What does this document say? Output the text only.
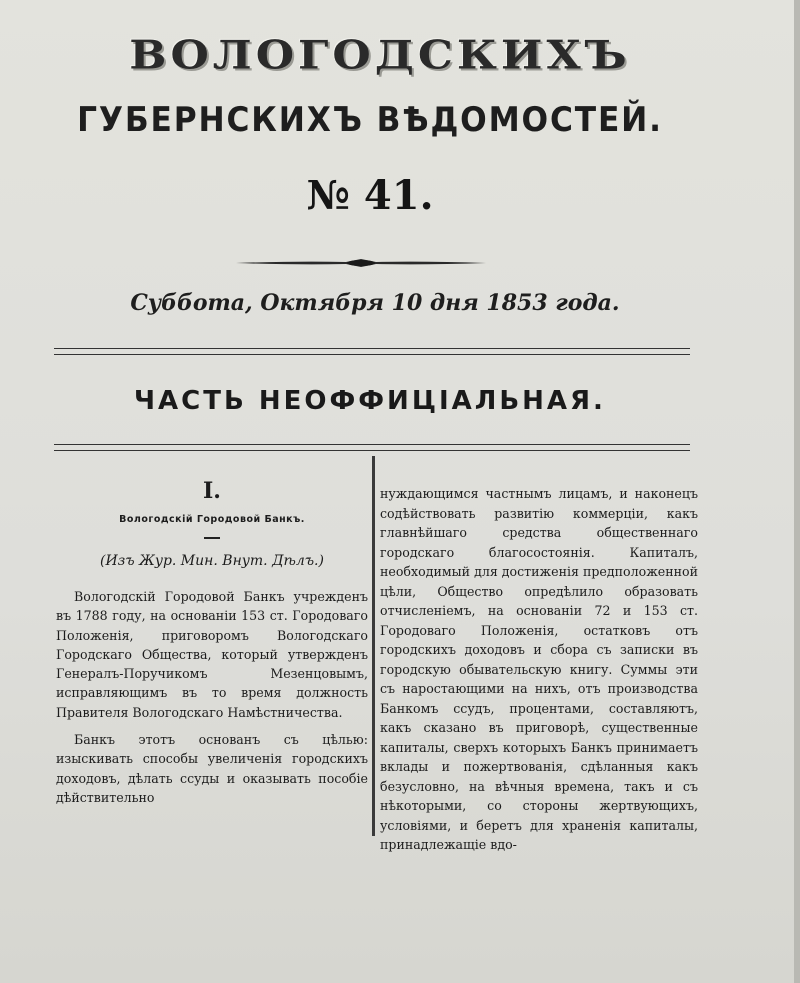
ВОЛОГОДСКИХЪ
ГУБЕРНСКИХЪ ВѢДОМОСТЕЙ.
№ 41.
Суббота, Октября 10 дня 1853 года.
ЧАСТЬ НЕОФФИЦІАЛЬНАЯ.
I.
Вологодскій Городовой Банкъ.
(Изъ Жур. Мин. Внут. Дѣлъ.)

Вологодскій Городовой Банкъ учрежденъ въ 1788 году, на основаніи 153 ст. Городоваго Положенія, приговоромъ Вологодскаго Городскаго Общества, который утвержденъ Генералъ-Поручикомъ Мезенцовымъ, исправляющимъ въ то время должность Правителя Вологодскаго Намѣстничества.

Банкъ этотъ основанъ съ цѣлью: изыскивать способы увеличенія городскихъ доходовъ, дѣлать ссуды и оказывать пособіе дѣйствительно

нуждающимся частнымъ лицамъ, и наконецъ содѣйствовать развитію коммерціи, какъ главнѣйшаго средства общественнаго городскаго благосостоянія. Капиталъ, необходимый для достиженія предположенной цѣли, Общество опредѣлило образовать отчисленіемъ, на основаніи 72 и 153 ст. Городоваго Положенія, остатковъ отъ городскихъ доходовъ и сбора съ записки въ городскую обывательскую книгу. Суммы эти съ наростающими на нихъ, отъ производства Банкомъ ссудъ, процентами, составляютъ, какъ сказано въ приговорѣ, существенные капиталы, сверхъ которыхъ Банкъ принимаетъ вклады и пожертвованія, сдѣланныя какъ безусловно, на вѣчныя времена, такъ и съ нѣкоторыми, со стороны жертвующихъ, условіями, и беретъ для храненія капиталы, принадлежащіе вдо-
